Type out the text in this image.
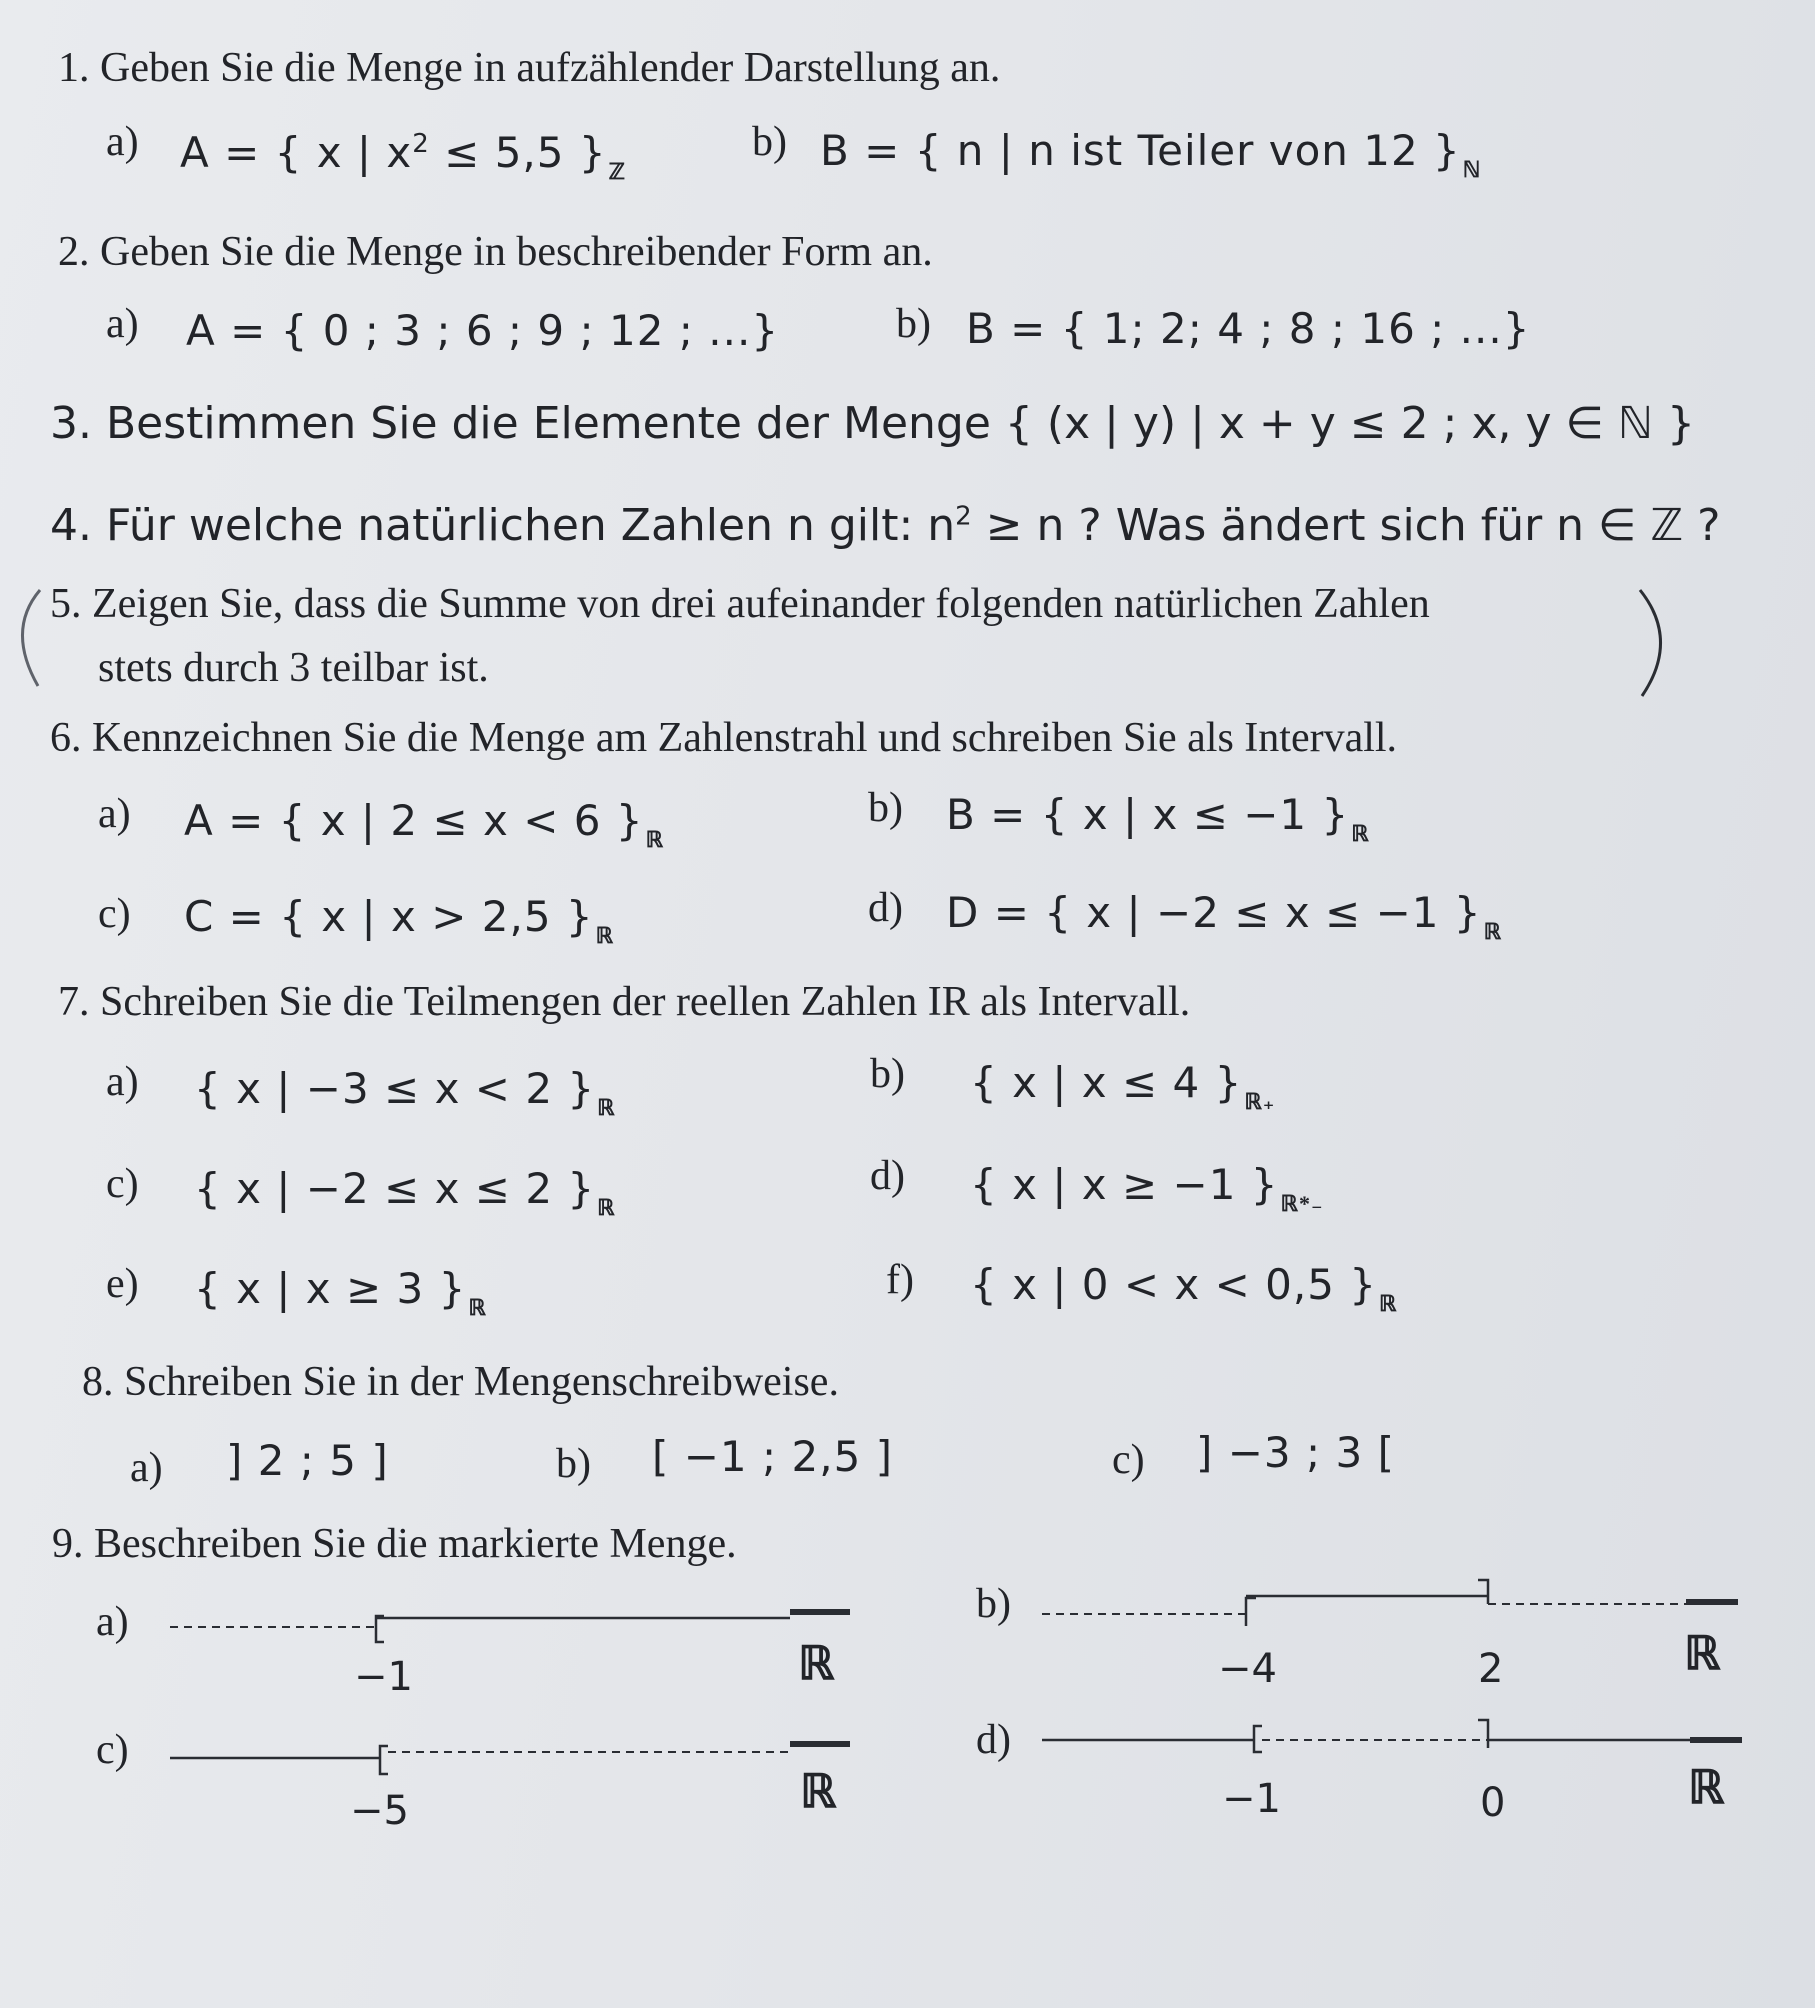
1. Geben Sie die Menge in aufzählender Darstellung an.
a) A = { x | $x^2 \le 5,5$ }$_ℤ$
b) B = { n | n ist Teiler von 12 }$_ℕ$
2. Geben Sie die Menge in beschreibender Form an.
a) A = { 0 ; 3 ; 6 ; 9 ; 12 ; ...}	b) B = { 1; 2; 4 ; 8 ; 16 ; ...}
3. Bestimmen Sie die Elemente der Menge { (x | y) | x + y ≤ 2 ; x, y ∈ ℕ }
4. Für welche natürlichen Zahlen n gilt: $n^2 \ge n$ ? Was ändert sich für n ∈ ℤ ?
5. Zeigen Sie, dass die Summe von drei aufeinander folgenden natürlichen Zahlen
stets durch 3 teilbar ist.
6. Kennzeichnen Sie die Menge am Zahlenstrahl und schreiben Sie als Intervall.
a) A = { x | 2 ≤ x < 6 }$_ℝ$
b) B = { x | x ≤ −1 }$_ℝ$
c) C = { x | x > 2,5 }$_ℝ$
d) D = { x | −2 ≤ x ≤ −1 }$_ℝ$
7. Schreiben Sie die Teilmengen der reellen Zahlen IR als Intervall.
a) { x | −3 ≤ x < 2 }$_ℝ$
b) { x | x ≤ 4 }$_{ℝ_+}$
c) { x | −2 ≤ x ≤ 2 }$_ℝ$
d) { x | x ≥ −1 }$_{ℝ*_-}$
e) { x | x ≥ 3 }$_ℝ$
f) { x | 0 < x < 0,5 }$_ℝ$
8. Schreiben Sie in der Mengenschreibweise.
a) ] 2 ; 5 ]	b) [ −1 ; 2,5 ]	c) ] −3 ; 3 [
9. Beschreiben Sie die markierte Menge.
a)
−1	ℝ
b)
−4	2	ℝ
c)
−5	ℝ
d)
−1	0	ℝ
